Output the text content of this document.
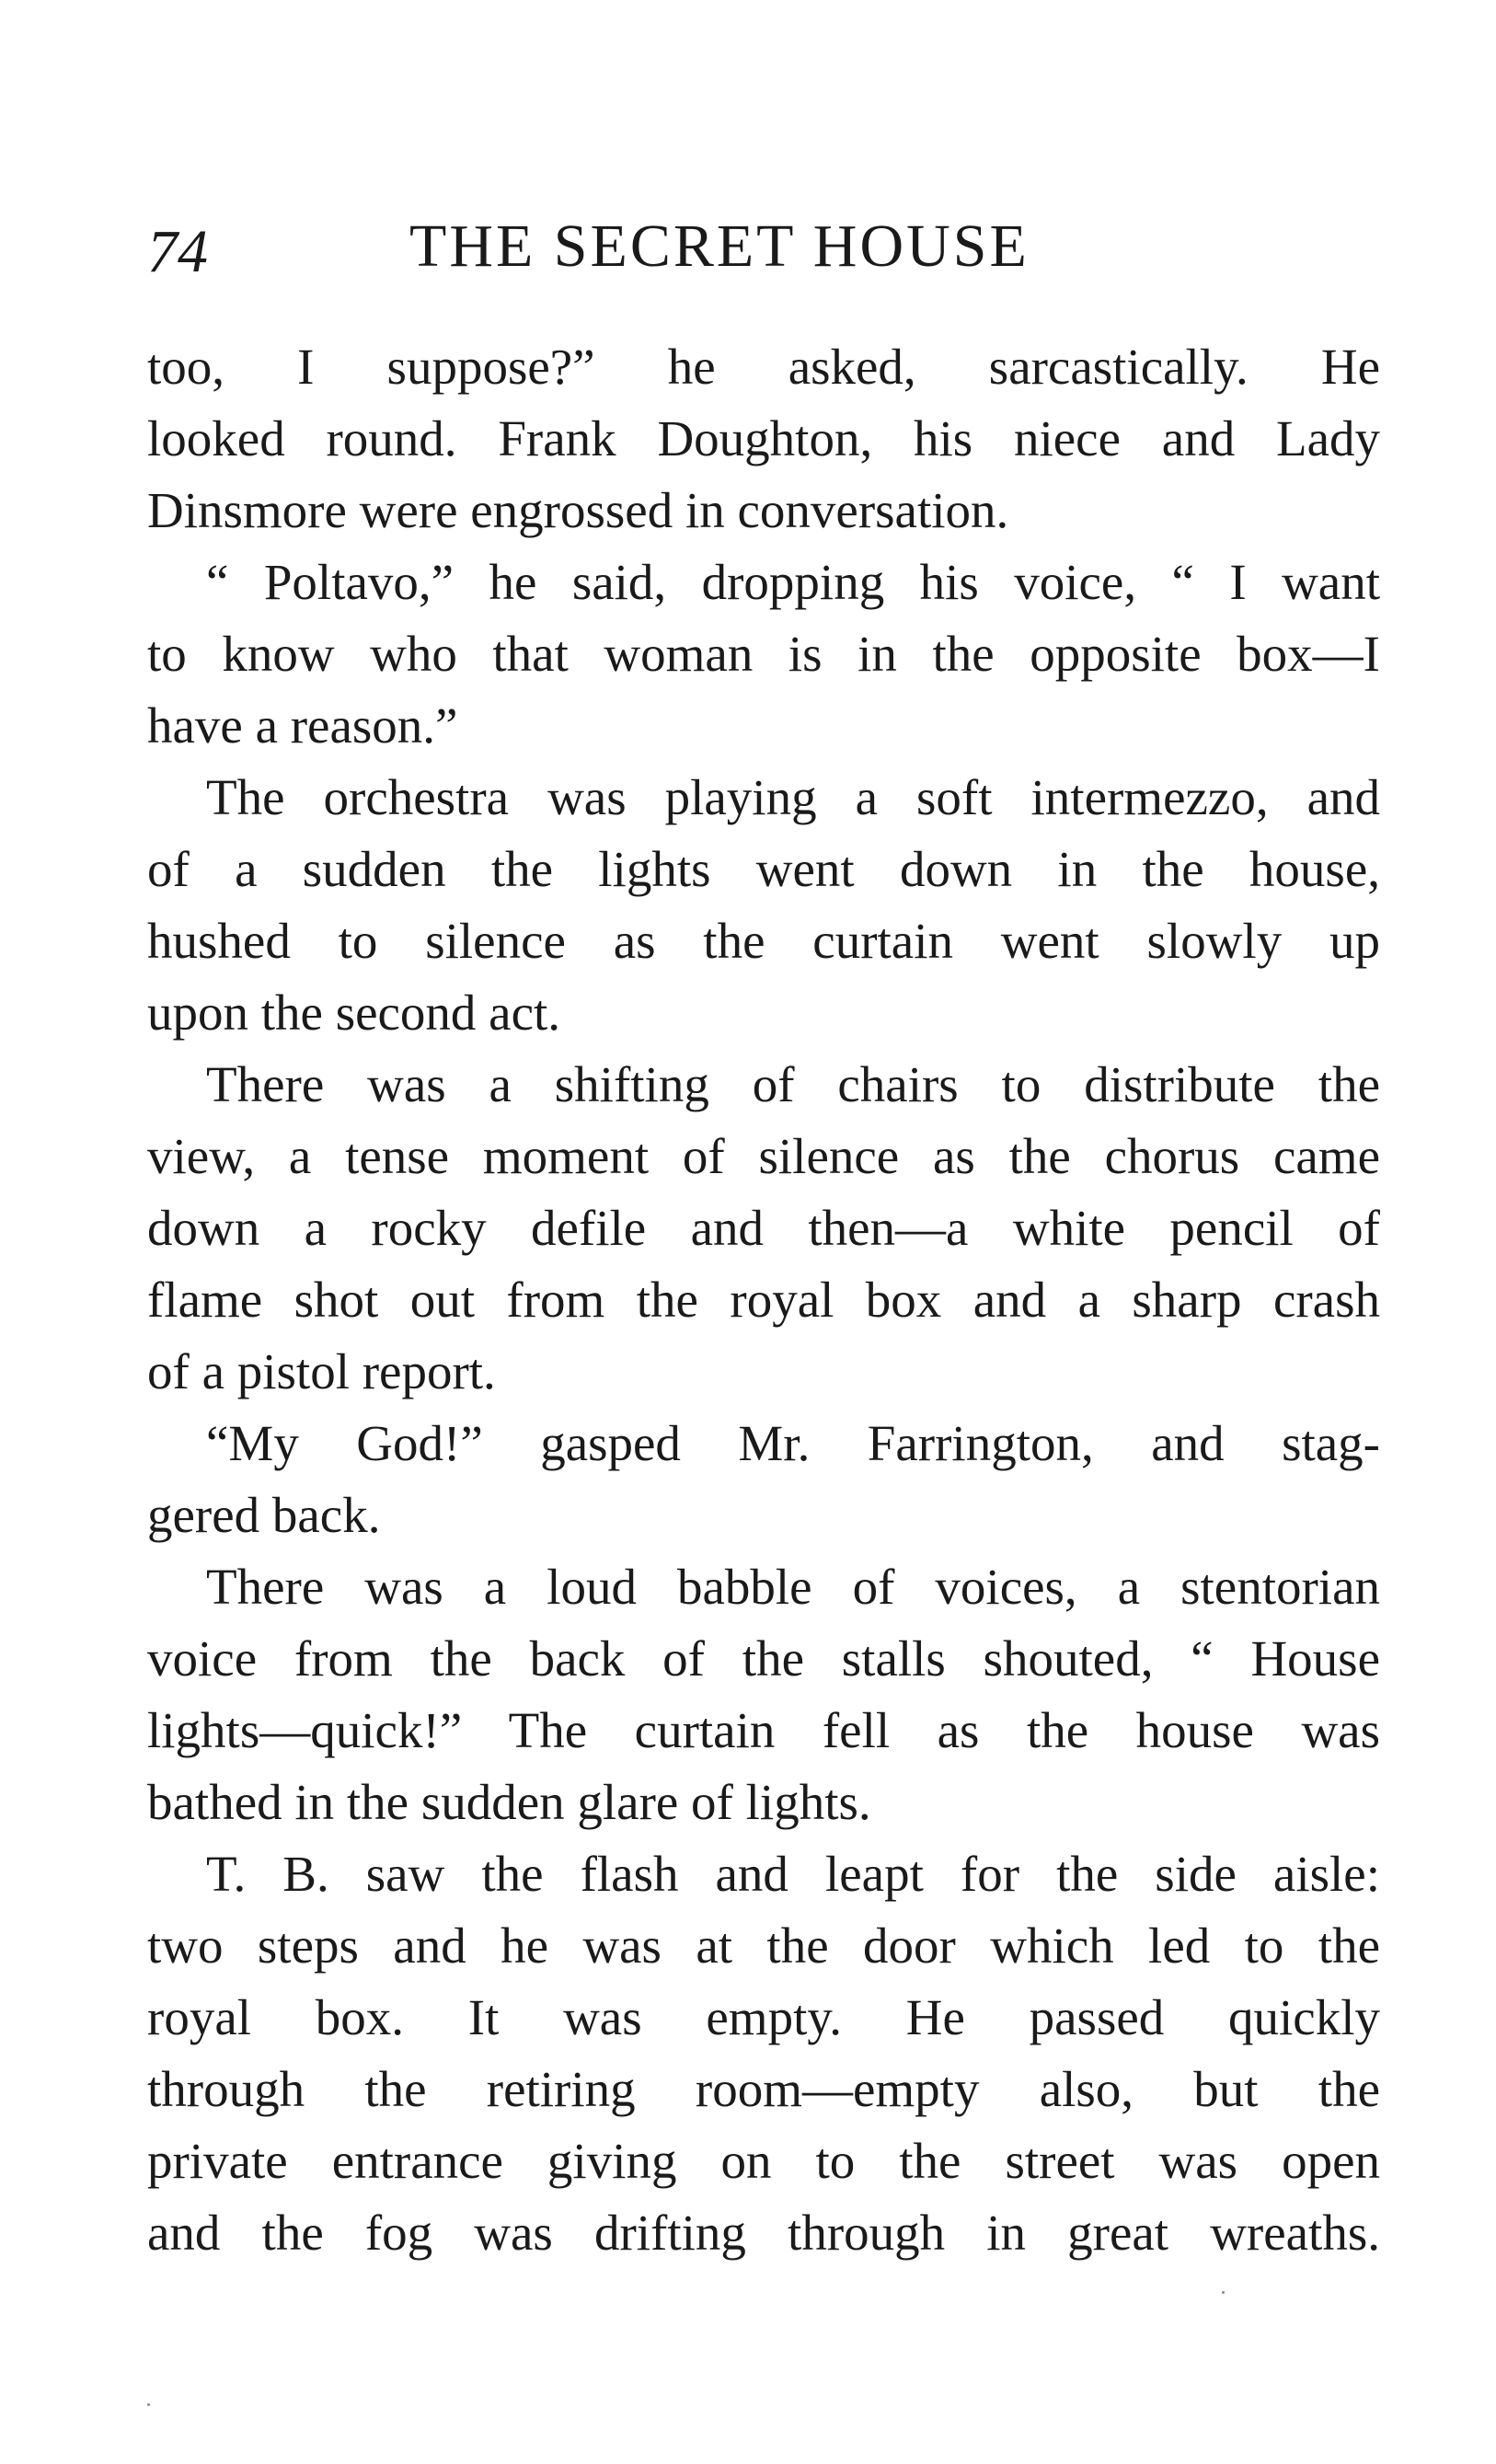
74	THE SECRET HOUSE
too, I suppose?” he asked, sarcastically. He
looked round. Frank Doughton, his niece and Lady
Dinsmore were engrossed in conversation.
“ Poltavo,” he said, dropping his voice, “ I want
to know who that woman is in the opposite box—I
have a reason.”
The orchestra was playing a soft intermezzo, and
of a sudden the lights went down in the house,
hushed to silence as the curtain went slowly up
upon the second act.
There was a shifting of chairs to distribute the
view, a tense moment of silence as the chorus came
down a rocky defile and then—a white pencil of
flame shot out from the royal box and a sharp crash
of a pistol report.
“My God!” gasped Mr. Farrington, and stag-
gered back.
There was a loud babble of voices, a stentorian
voice from the back of the stalls shouted, “ House
lights—quick!” The curtain fell as the house was
bathed in the sudden glare of lights.
T. B. saw the flash and leapt for the side aisle:
two steps and he was at the door which led to the
royal box. It was empty. He passed quickly
through the retiring room—empty also, but the
private entrance giving on to the street was open
and the fog was drifting through in great wreaths.
